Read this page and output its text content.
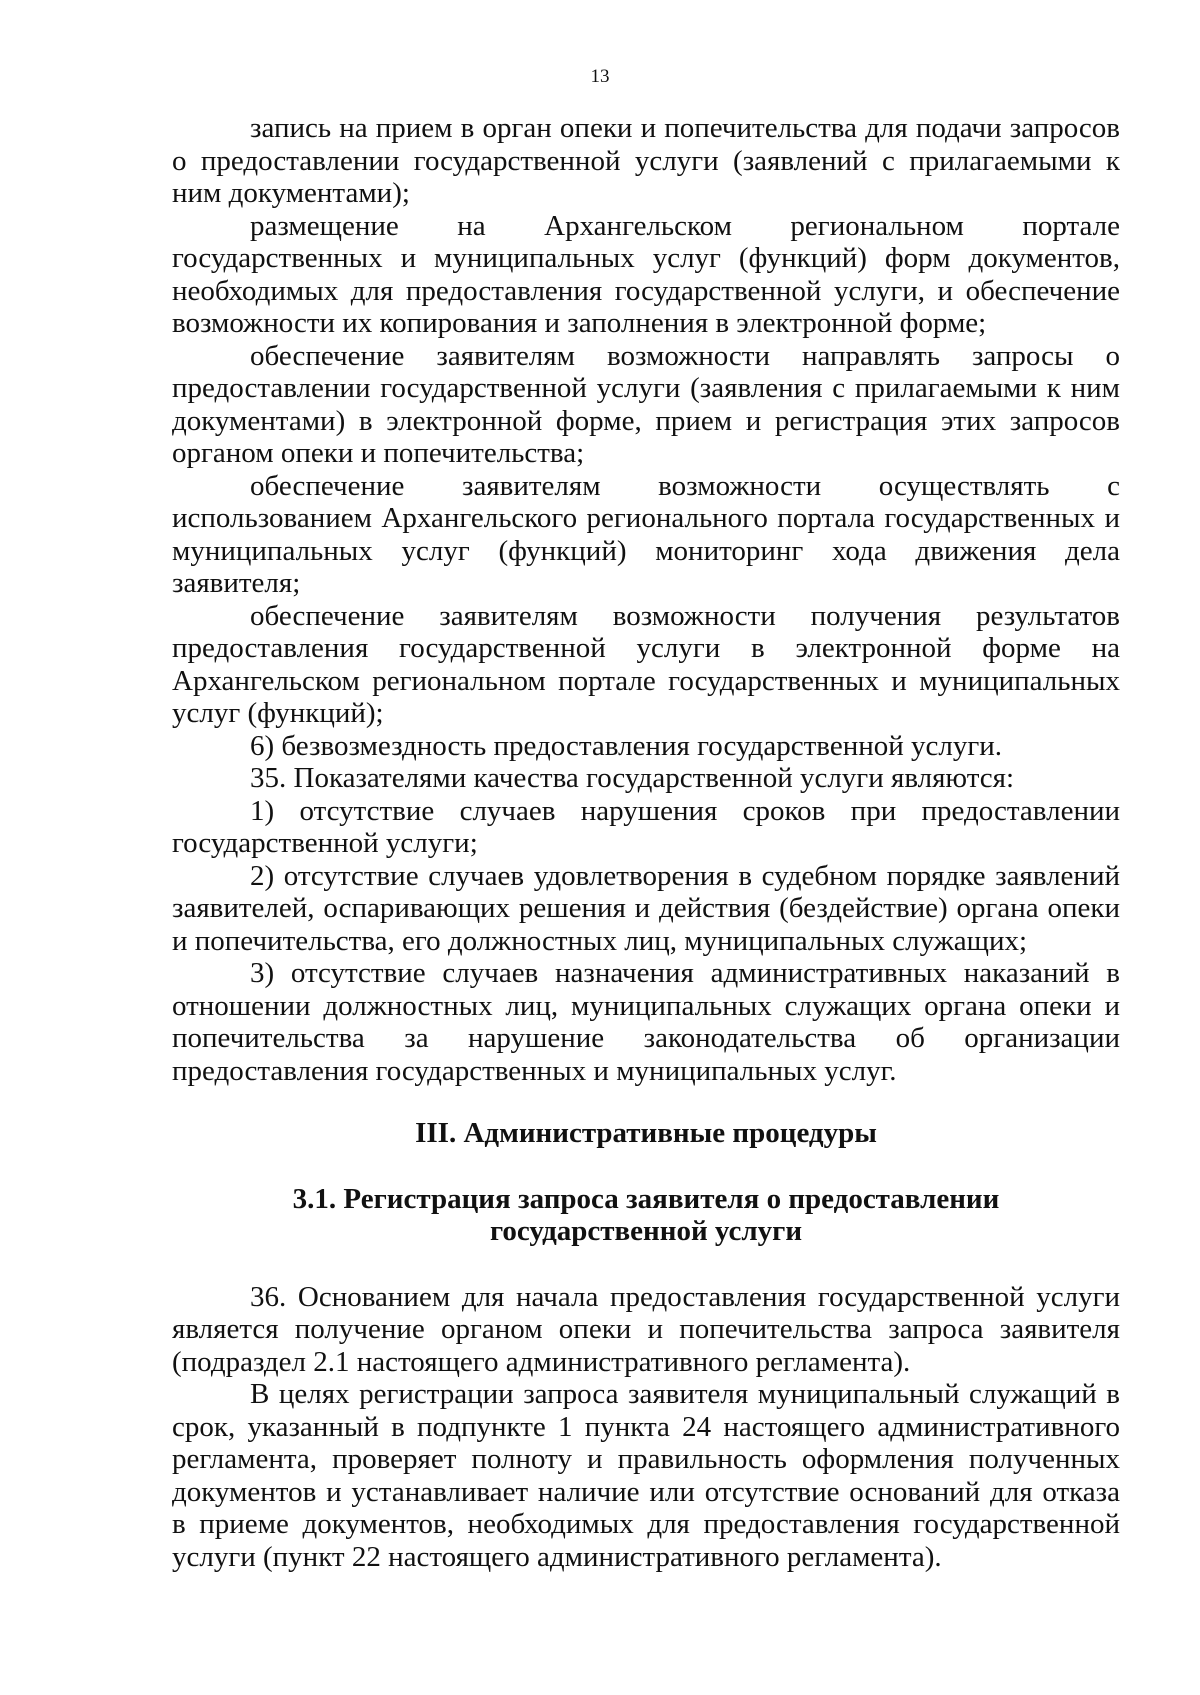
13

запись на прием в орган опеки и попечительства для подачи запросов о предоставлении государственной услуги (заявлений с прилагаемыми к ним документами);

размещение на Архангельском региональном портале государственных и муниципальных услуг (функций) форм документов, необходимых для предоставления государственной услуги, и обеспечение возможности их копирования и заполнения в электронной форме;

обеспечение заявителям возможности направлять запросы о предоставлении государственной услуги (заявления с прилагаемыми к ним документами) в электронной форме, прием и регистрация этих запросов органом опеки и попечительства;

обеспечение заявителям возможности осуществлять с использованием Архангельского регионального портала государственных и муниципальных услуг (функций) мониторинг хода движения дела заявителя;

обеспечение заявителям возможности получения результатов предоставления государственной услуги в электронной форме на Архангельском региональном портале государственных и муниципальных услуг (функций);

6) безвозмездность предоставления государственной услуги.

35. Показателями качества государственной услуги являются:

1) отсутствие случаев нарушения сроков при предоставлении государственной услуги;

2) отсутствие случаев удовлетворения в судебном порядке заявлений заявителей, оспаривающих решения и действия (бездействие) органа опеки и попечительства, его должностных лиц, муниципальных служащих;

3) отсутствие случаев назначения административных наказаний в отношении должностных лиц, муниципальных служащих органа опеки и попечительства за нарушение законодательства об организации предоставления государственных и муниципальных услуг.

III. Административные процедуры

3.1. Регистрация запроса заявителя о предоставлении

государственной услуги

36. Основанием для начала предоставления государственной услуги является получение органом опеки и попечительства запроса заявителя (подраздел 2.1 настоящего административного регламента).

В целях регистрации запроса заявителя муниципальный служащий в срок, указанный в подпункте 1 пункта 24 настоящего административного регламента, проверяет полноту и правильность оформления полученных документов и устанавливает наличие или отсутствие оснований для отказа в приеме документов, необходимых для предоставления государственной услуги (пункт 22 настоящего административного регламента).
